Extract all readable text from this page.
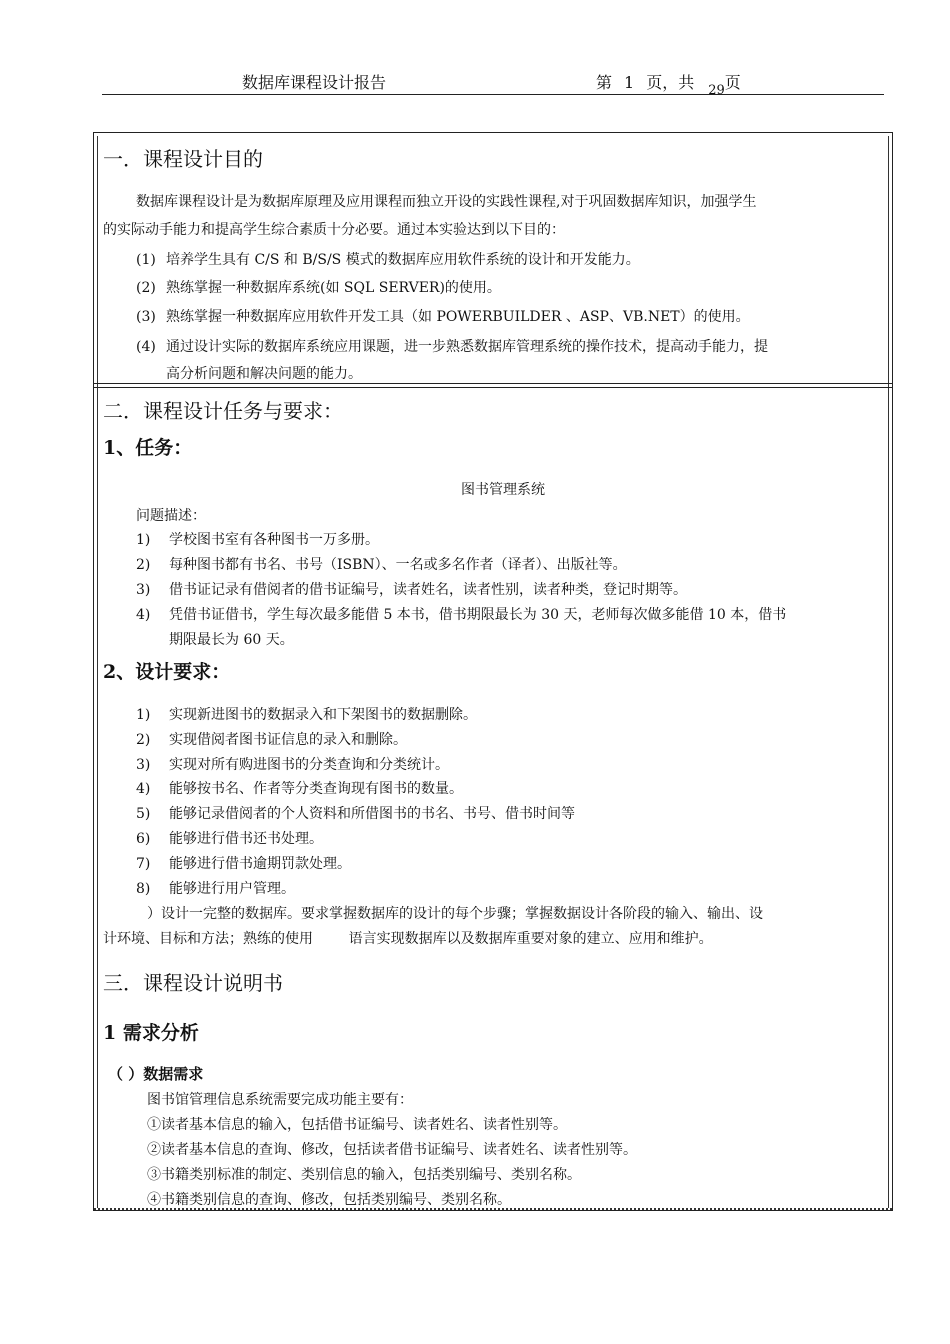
数据库课程设计报告	第 1 页，共 29页
一．课程设计目的
数据库课程设计是为数据库原理及应用课程而独立开设的实践性课程,对于巩固数据库知识，加强学生
的实际动手能力和提高学生综合素质十分必要。通过本实验达到以下目的：
(1) 培养学生具有 C/S 和 B/S/S 模式的数据库应用软件系统的设计和开发能力。
(2) 熟练掌握一种数据库系统(如 SQL SERVER)的使用。
(3) 熟练掌握一种数据库应用软件开发工具（如 POWERBUILDER 、ASP、VB.NET）的使用。
(4) 通过设计实际的数据库系统应用课题，进一步熟悉数据库管理系统的操作技术，提高动手能力，提
高分析问题和解决问题的能力。
二．课程设计任务与要求：
1、任务：
图书管理系统
问题描述：
1) 学校图书室有各种图书一万多册。
2) 每种图书都有书名、书号（ISBN）、一名或多名作者（译者）、出版社等。
3) 借书证记录有借阅者的借书证编号，读者姓名，读者性别，读者种类，登记时期等。
4) 凭借书证借书，学生每次最多能借 5 本书，借书期限最长为 30 天，老师每次做多能借 10 本，借书
期限最长为 60 天。
2、设计要求：
1) 实现新进图书的数据录入和下架图书的数据删除。
2) 实现借阅者图书证信息的录入和删除。
3) 实现对所有购进图书的分类查询和分类统计。
4) 能够按书名、作者等分类查询现有图书的数量。
5) 能够记录借阅者的个人资料和所借图书的书名、书号、借书时间等
6) 能够进行借书还书处理。
7) 能够进行借书逾期罚款处理。
8) 能够进行用户管理。
）设计一完整的数据库。要求掌握数据库的设计的每个步骤；掌握数据设计各阶段的输入、输出、设
计环境、目标和方法；熟练的使用        语言实现数据库以及数据库重要对象的建立、应用和维护。
三．课程设计说明书
1 需求分析
（ ）数据需求
图书馆管理信息系统需要完成功能主要有：
①读者基本信息的输入，包括借书证编号、读者姓名、读者性别等。
②读者基本信息的查询、修改，包括读者借书证编号、读者姓名、读者性别等。
③书籍类别标准的制定、类别信息的输入，包括类别编号、类别名称。
④书籍类别信息的查询、修改，包括类别编号、类别名称。
